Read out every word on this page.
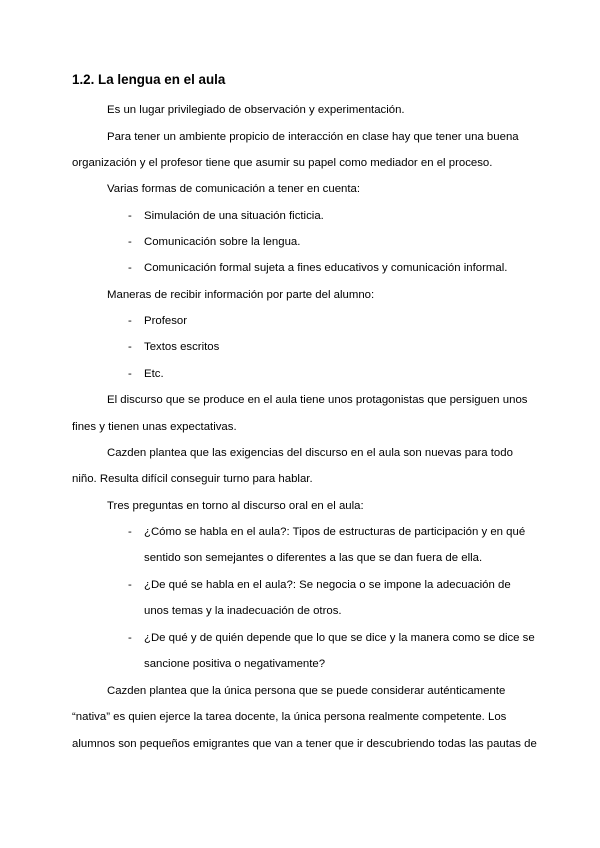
1.2. La lengua en el aula
Es un lugar privilegiado de observación y experimentación.
Para tener un ambiente propicio de interacción en clase hay que tener una buena
organización y el profesor tiene que asumir su papel como mediador en el proceso.
Varias formas de comunicación a tener en cuenta:
- Simulación de una situación ficticia.
- Comunicación sobre la lengua.
- Comunicación formal sujeta a fines educativos y comunicación informal.
Maneras de recibir información por parte del alumno:
- Profesor
- Textos escritos
- Etc.
El discurso que se produce en el aula tiene unos protagonistas que persiguen unos
fines y tienen unas expectativas.
Cazden plantea que las exigencias del discurso en el aula son nuevas para todo
niño. Resulta difícil conseguir turno para hablar.
Tres preguntas en torno al discurso oral en el aula:
- ¿Cómo se habla en el aula?: Tipos de estructuras de participación y en qué
sentido son semejantes o diferentes a las que se dan fuera de ella.
- ¿De qué se habla en el aula?: Se negocia o se impone la adecuación de
unos temas y la inadecuación de otros.
- ¿De qué y de quién depende que lo que se dice y la manera como se dice se
sancione positiva o negativamente?
Cazden plantea que la única persona que se puede considerar auténticamente
“nativa” es quien ejerce la tarea docente, la única persona realmente competente. Los
alumnos son pequeños emigrantes que van a tener que ir descubriendo todas las pautas de
